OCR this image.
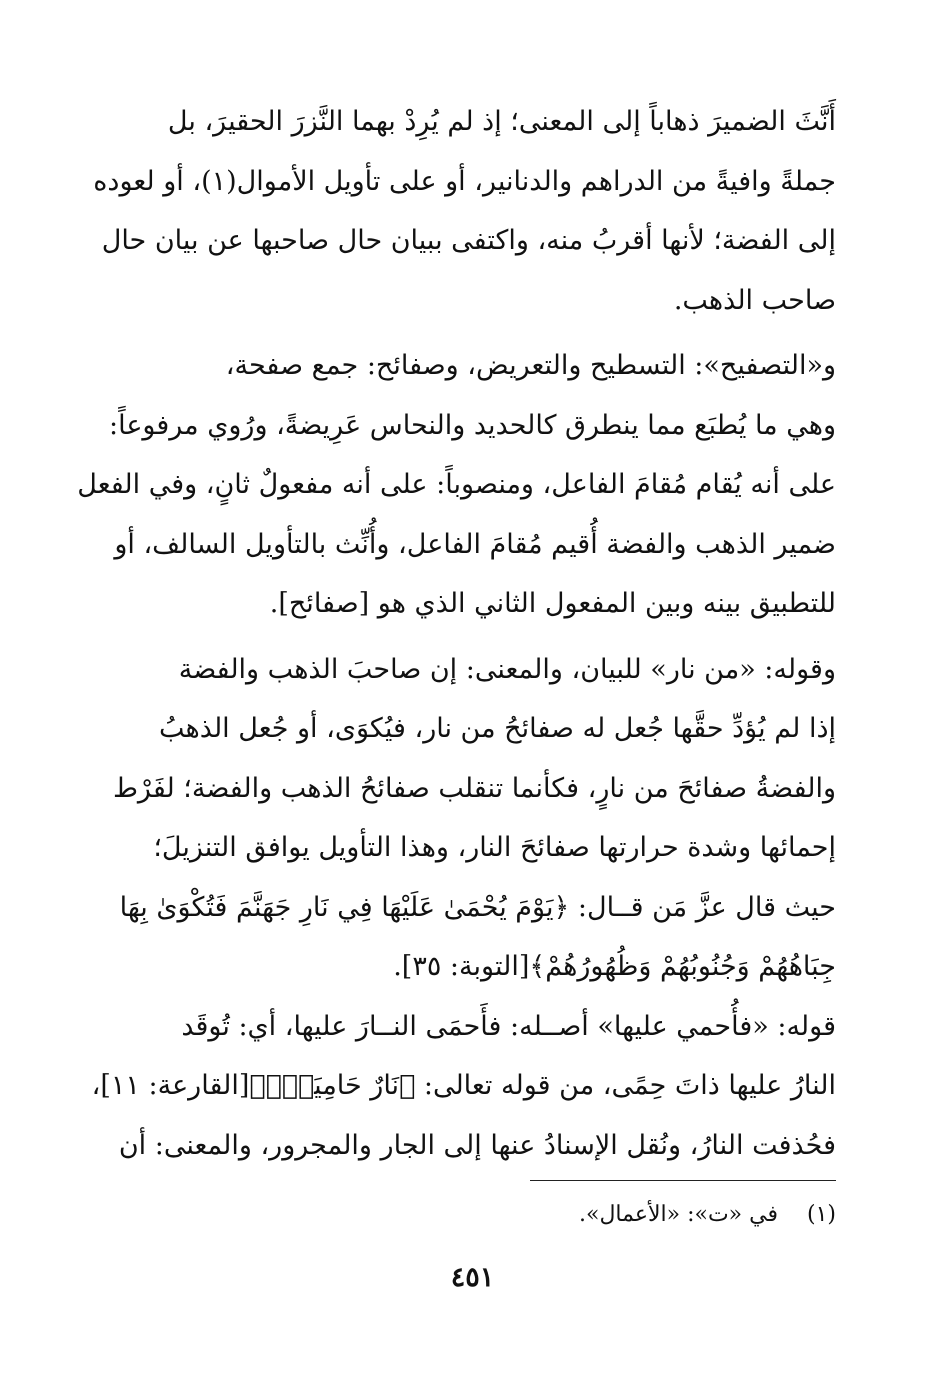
أَنَّثَ الضميرَ ذهاباً إلى المعنى؛ إذ لم يُرِدْ بهما النَّزرَ الحقيرَ، بل
جملةً وافيةً من الدراهم والدنانير، أو على تأويل الأموال(١)، أو لعوده
إلى الفضة؛ لأنها أقربُ منه، واكتفى ببيان حال صاحبها عن بيان حال
صاحب الذهب.
و«التصفيح»: التسطيح والتعريض، وصفائح: جمع صفحة،
وهي ما يُطبَع مما ينطرق كالحديد والنحاس عَرِيضةً، ورُوي مرفوعاً:
على أنه يُقام مُقامَ الفاعل، ومنصوباً: على أنه مفعولٌ ثانٍ، وفي الفعل
ضمير الذهب والفضة أُقيم مُقامَ الفاعل، وأُنِّث بالتأويل السالف، أو
للتطبيق بينه وبين المفعول الثاني الذي هو [صفائح].
وقوله: «من نار» للبيان، والمعنى: إن صاحبَ الذهب والفضة
إذا لم يُؤدِّ حقَّها جُعل له صفائحُ من نار، فيُكوَى، أو جُعل الذهبُ
والفضةُ صفائحَ من نارٍ، فكأنما تنقلب صفائحُ الذهب والفضة؛ لفَرْط
إحمائها وشدة حرارتها صفائحَ النار، وهذا التأويل يوافق التنزيلَ؛
حيث قال عزَّ مَن قــال: ﴿يَوْمَ يُحْمَىٰ عَلَيْهَا فِي نَارِ جَهَنَّمَ فَتُكْوَىٰ بِهَا
جِبَاهُهُمْ وَجُنُوبُهُمْ وَظُهُورُهُمْ﴾[التوبة: ٣٥].
قوله: «فأُحمي عليها» أصــله: فأَحمَى النــارَ عليها، أي: تُوقَد
النارُ عليها ذاتَ حِمًى، من قوله تعالى: ﴿نَارٌ حَامِيَةٌۢ﴾[القارعة: ١١]،
فحُذفت النارُ، ونُقل الإسنادُ عنها إلى الجار والمجرور، والمعنى: أن
(١) في «ت»: «الأعمال».
٤٥١
